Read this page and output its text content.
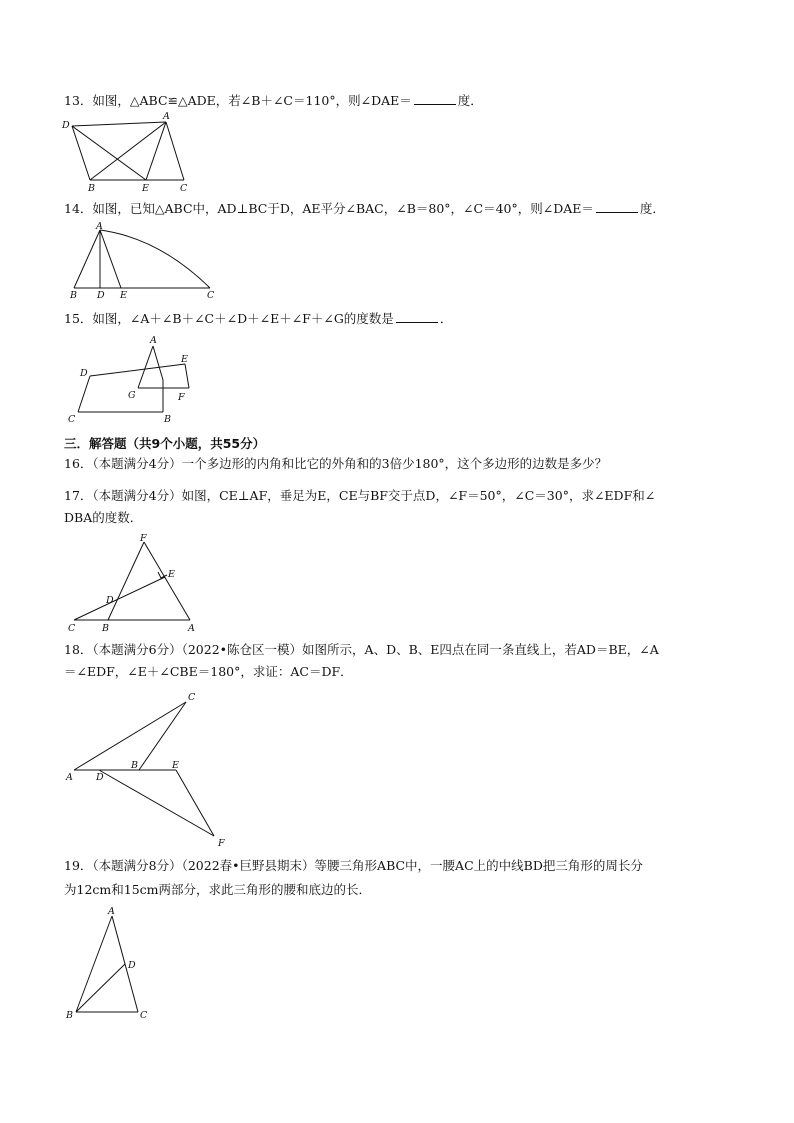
13．如图，△ABC≌△ADE，若∠B＋∠C＝110°，则∠DAE＝	度．
D
A
B	E	C
14．如图，已知△ABC中，AD⊥BC于D，AE平分∠BAC，∠B＝80°，∠C＝40°，则∠DAE＝	度．
A
B D E	C
15．如图，∠A＋∠B＋∠C＋∠D＋∠E＋∠F＋∠G的度数是	．
A
D
E
G	F
C	B
三．解答题（共9个小题，共55分）
16．（本题满分4分）一个多边形的内角和比它的外角和的3倍少180°，这个多边形的边数是多少？
17．（本题满分4分）如图，CE⊥AF，垂足为E，CE与BF交于点D，∠F＝50°，∠C＝30°，求∠EDF和∠
DBA的度数．
F
E
D
C	B	A
18．（本题满分6分）（2022•陈仓区一模）如图所示，A、D、B、E四点在同一条直线上，若AD＝BE，∠A
＝∠EDF，∠E＋∠CBE＝180°，求证：AC＝DF．
C
A D
B	E
F
19．（本题满分8分）（2022春•巨野县期末）等腰三角形ABC中，一腰AC上的中线BD把三角形的周长分
为12cm和15cm两部分，求此三角形的腰和底边的长．
A
D
B	C
